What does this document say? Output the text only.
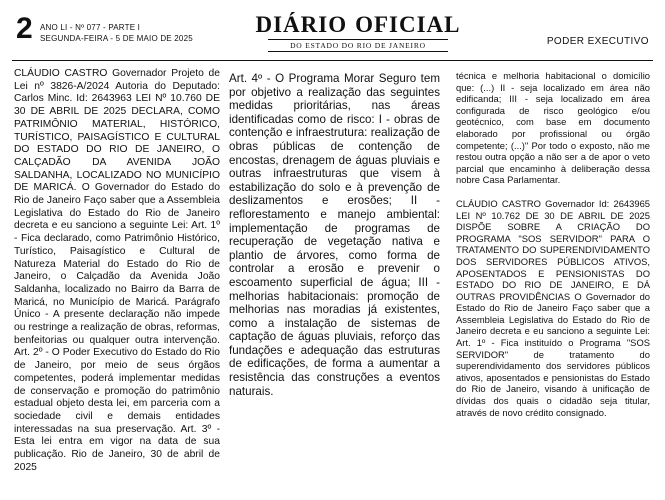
2 ANO LI - Nº 077 - PARTE I
SEGUNDA-FEIRA - 5 DE MAIO DE 2025
DIÁRIO OFICIAL
DO ESTADO DO RIO DE JANEIRO	PODER EXECUTIVO

CLÁUDIO CASTRO Governador Projeto de Lei nº 3826-A/2024 Autoria do Deputado: Carlos Minc. Id: 2643963 LEI Nº 10.760 DE 30 DE ABRIL DE 2025 DECLARA, COMO PATRIMÔNIO MATERIAL, HISTÓRICO, TURÍSTICO, PAISAGÍSTICO E CULTURAL DO ESTADO DO RIO DE JANEIRO, O CALÇADÃO DA AVENIDA JOÃO SALDANHA, LOCALIZADO NO MUNICÍPIO DE MARICÁ. O Governador do Estado do Rio de Janeiro Faço saber que a Assembleia Legislativa do Estado do Rio de Janeiro decreta e eu sanciono a seguinte Lei: Art. 1º - Fica declarado, como Patrimônio Histórico, Turístico, Paisagístico e Cultural de Natureza Material do Estado do Rio de Janeiro, o Calçadão da Avenida João Saldanha, localizado no Bairro da Barra de Maricá, no Município de Maricá. Parágrafo Único - A presente declaração não impede ou restringe a realização de obras, reformas, benfeitorias ou qualquer outra intervenção. Art. 2º - O Poder Executivo do Estado do Rio de Janeiro, por meio de seus órgãos competentes, poderá implementar medidas de conservação e promoção do patrimônio estadual objeto desta lei, em parceria com a sociedade civil e demais entidades interessadas na sua preservação. Art. 3º - Esta lei entra em vigor na data de sua publicação. Rio de Janeiro, 30 de abril de 2025

Art. 4º - O Programa Morar Seguro tem por objetivo a realização das seguintes medidas prioritárias, nas áreas identificadas como de risco: I - obras de contenção e infraestrutura: realização de obras públicas de contenção de encostas, drenagem de águas pluviais e outras infraestruturas que visem à estabilização do solo e à prevenção de deslizamentos e erosões; II - reflorestamento e manejo ambiental: implementação de programas de recuperação de vegetação nativa e plantio de árvores, como forma de controlar a erosão e prevenir o escoamento superficial de água; III - melhorias habitacionais: promoção de melhorias nas moradias já existentes, como a instalação de sistemas de captação de águas pluviais, reforço das fundações e adequação das estruturas de edificações, de forma a aumentar a resistência das construções a eventos naturais.

técnica e melhoria habitacional o domicílio que: (...) II - seja localizado em área não edificanda; III - seja localizado em área configurada de risco geológico e/ou geotécnico, com base em documento elaborado por profissional ou órgão competente; (...)" Por todo o exposto, não me restou outra opção a não ser a de apor o veto parcial que encaminho à deliberação dessa nobre Casa Parlamentar.

CLÁUDIO CASTRO Governador Id: 2643965 LEI Nº 10.762 DE 30 DE ABRIL DE 2025 DISPÕE SOBRE A CRIAÇÃO DO PROGRAMA "SOS SERVIDOR" PARA O TRATAMENTO DO SUPERENDIVIDAMENTO DOS SERVIDORES PÚBLICOS ATIVOS, APOSENTADOS E PENSIONISTAS DO ESTADO DO RIO DE JANEIRO, E DÁ OUTRAS PROVIDÊNCIAS O Governador do Estado do Rio de Janeiro Faço saber que a Assembleia Legislativa do Estado do Rio de Janeiro decreta e eu sanciono a seguinte Lei: Art. 1º - Fica instituído o Programa "SOS SERVIDOR" de tratamento do superendividamento dos servidores públicos ativos, aposentados e pensionistas do Estado do Rio de Janeiro, visando à unificação de dívidas dos quais o cidadão seja titular, através de novo crédito consignado.
